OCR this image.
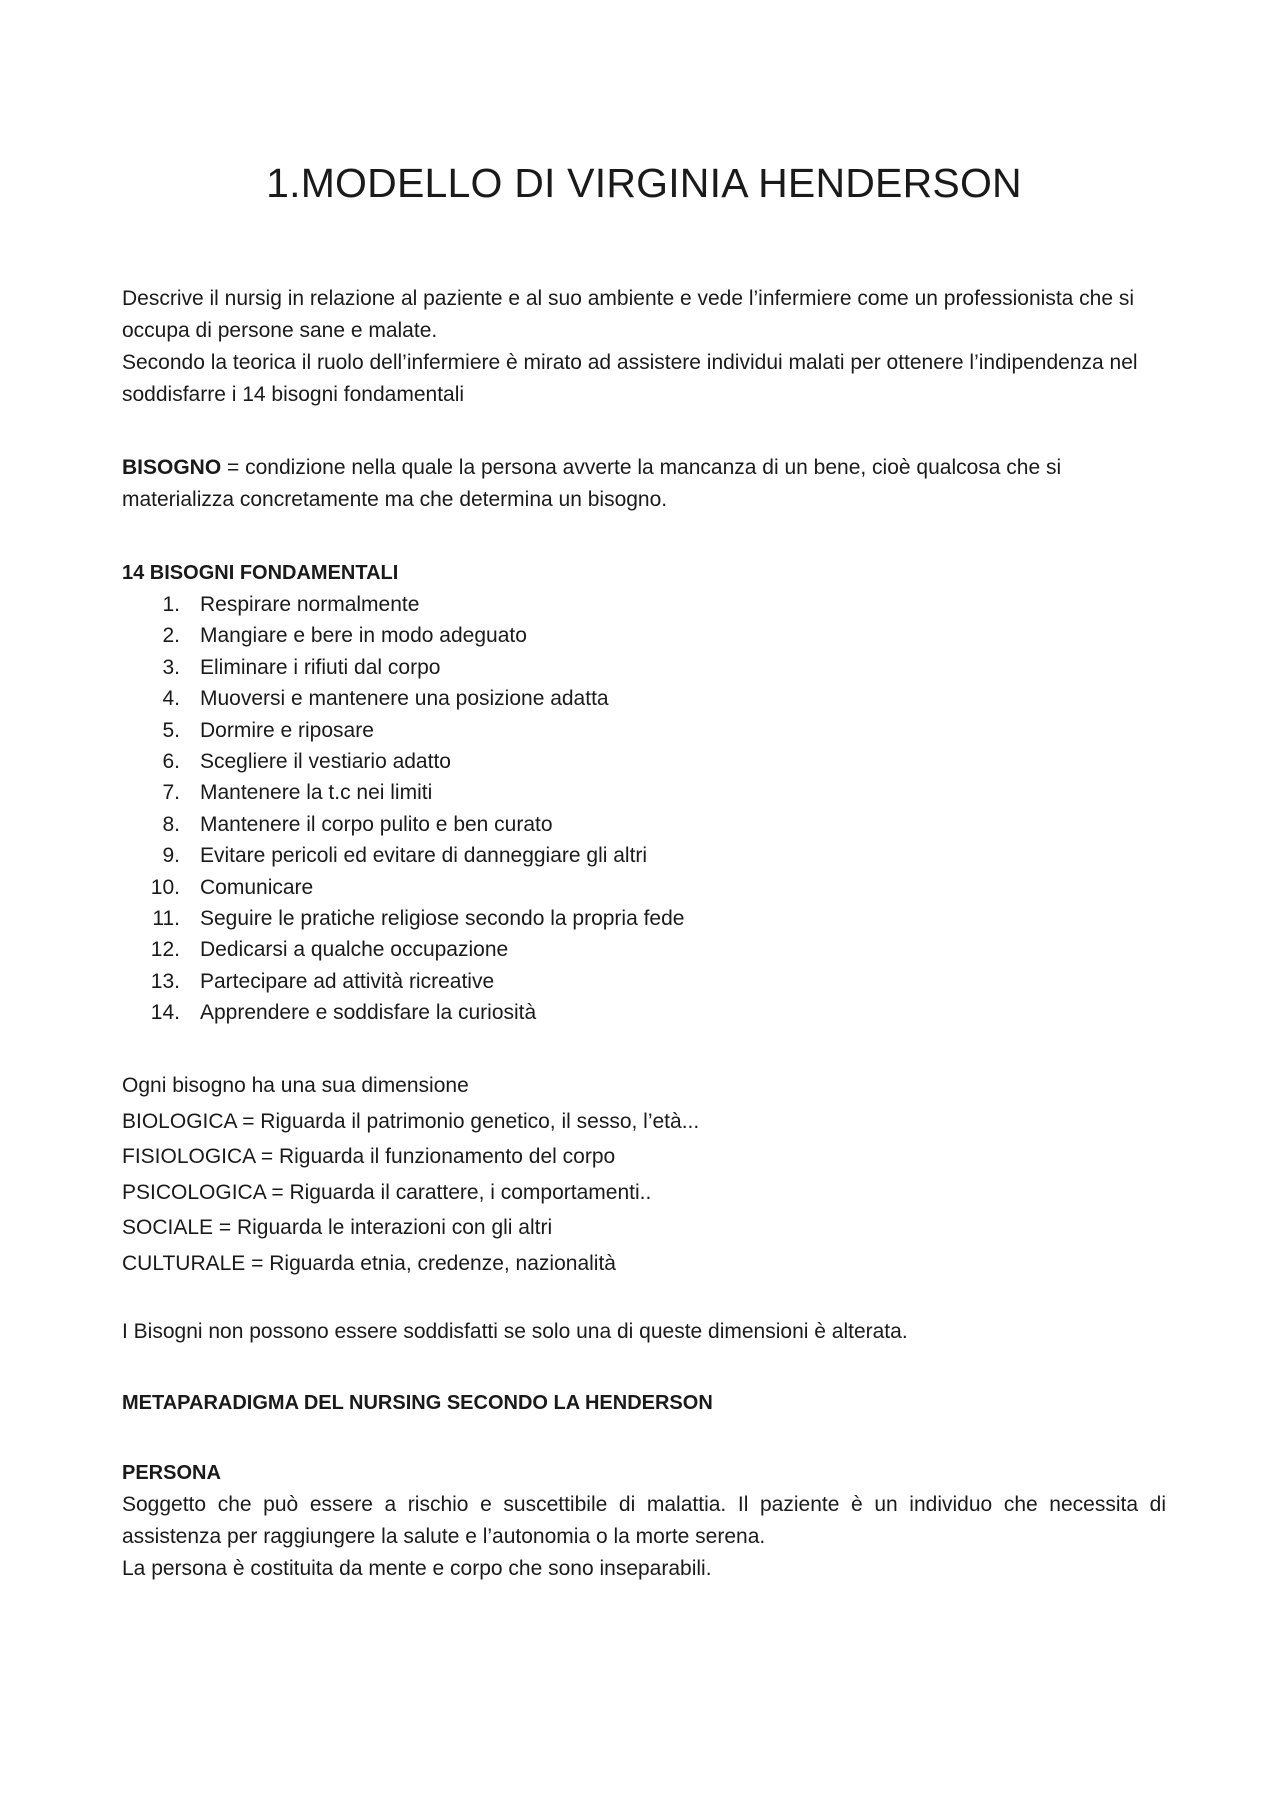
1.MODELLO DI VIRGINIA HENDERSON

Descrive il nursig in relazione al paziente e al suo ambiente e vede l’infermiere come un professionista che si occupa di persone sane e malate.

Secondo la teorica il ruolo dell’infermiere è mirato ad assistere individui malati per ottenere l’indipendenza nel soddisfarre i 14 bisogni fondamentali

BISOGNO = condizione nella quale la persona avverte la mancanza di un bene, cioè qualcosa che si materializza concretamente ma che determina un bisogno.

14 BISOGNI FONDAMENTALI

1. Respirare normalmente
2. Mangiare e bere in modo adeguato
3. Eliminare i rifiuti dal corpo
4. Muoversi e mantenere una posizione adatta
5. Dormire e riposare
6. Scegliere il vestiario adatto
7. Mantenere la t.c nei limiti
8. Mantenere il corpo pulito e ben curato
9. Evitare pericoli ed evitare di danneggiare gli altri
10. Comunicare
11. Seguire le pratiche religiose secondo la propria fede
12. Dedicarsi a qualche occupazione
13. Partecipare ad attività ricreative
14. Apprendere e soddisfare la curiosità

Ogni bisogno ha una sua dimensione

BIOLOGICA = Riguarda il patrimonio genetico, il sesso, l’età...

FISIOLOGICA = Riguarda il funzionamento del corpo

PSICOLOGICA = Riguarda il carattere, i comportamenti..

SOCIALE = Riguarda le interazioni con gli altri

CULTURALE = Riguarda etnia, credenze, nazionalità

I Bisogni non possono essere soddisfatti se solo una di queste dimensioni è alterata.

METAPARADIGMA DEL NURSING SECONDO LA HENDERSON

PERSONA

Soggetto che può essere a rischio e suscettibile di malattia. Il paziente è un individuo che necessita di assistenza per raggiungere la salute e l’autonomia o la morte serena.

La persona è costituita da mente e corpo che sono inseparabili.
